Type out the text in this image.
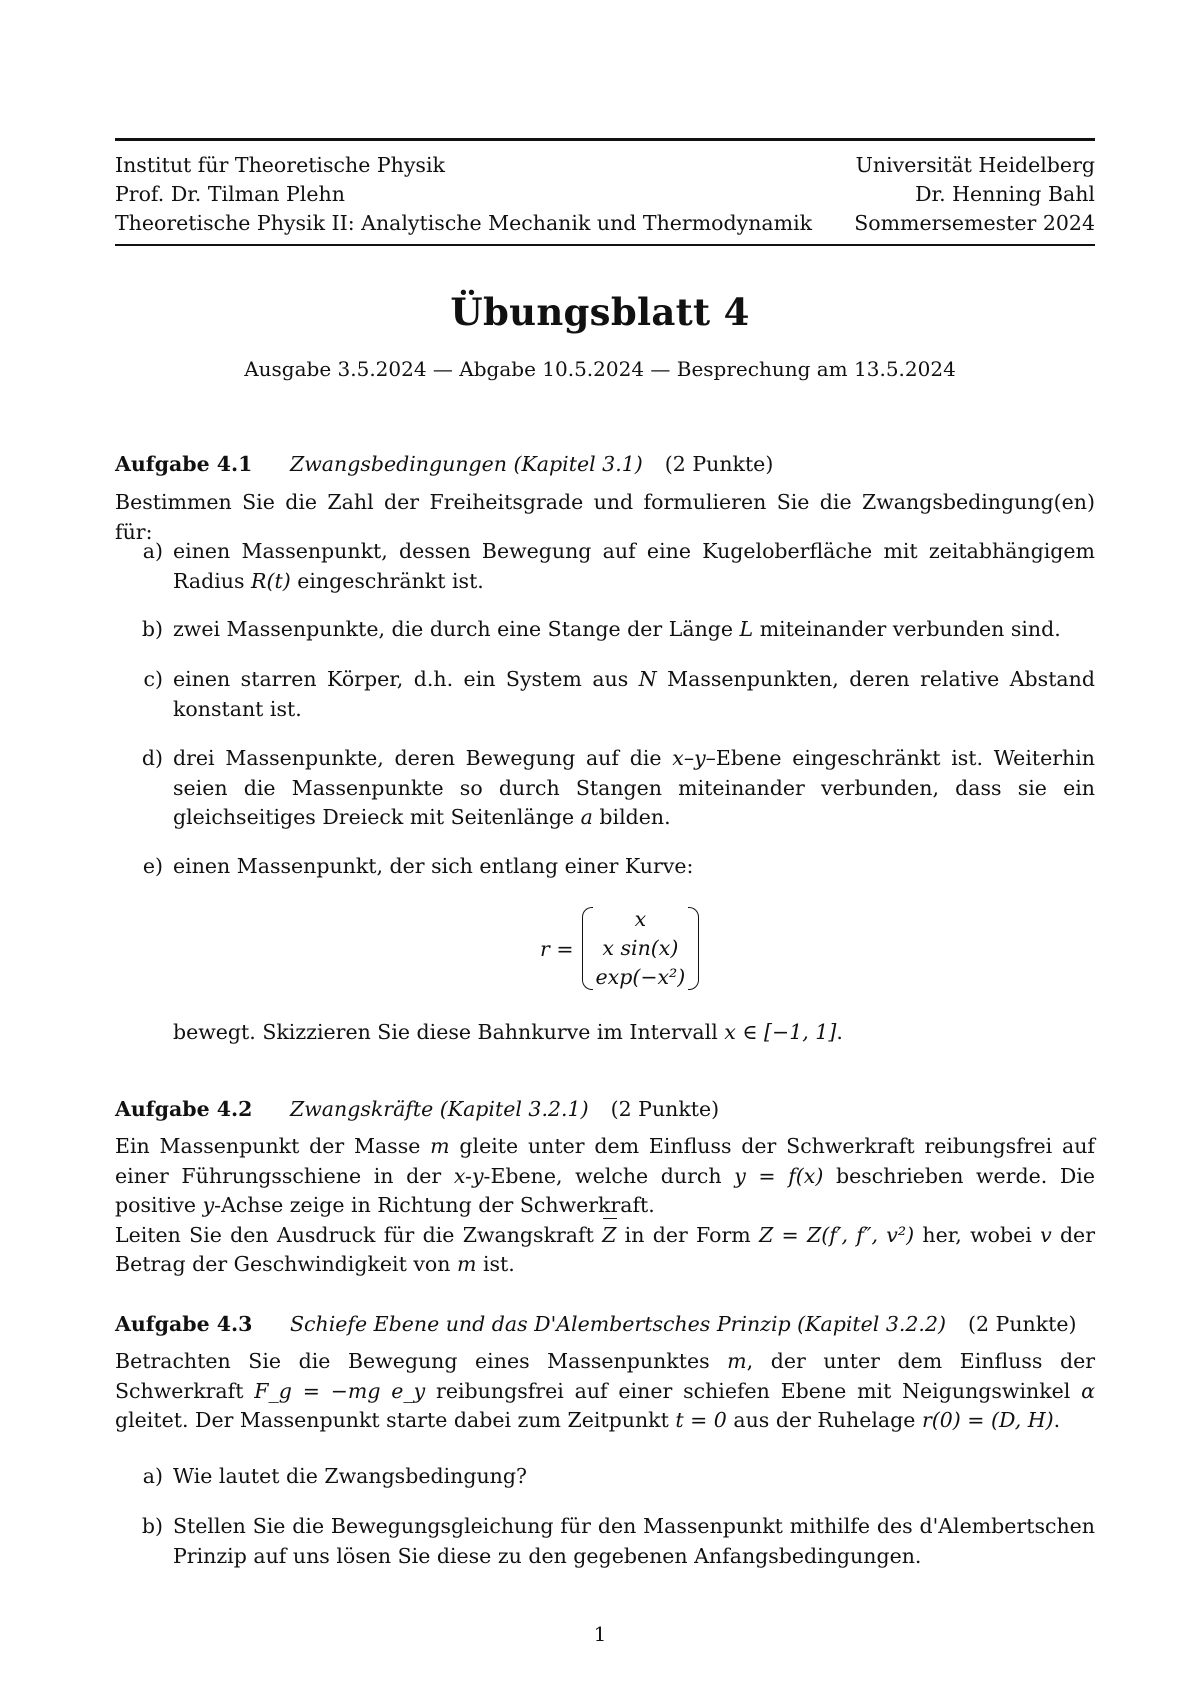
Institut für Theoretische Physik	Universität Heidelberg
Prof. Dr. Tilman Plehn	Dr. Henning Bahl
Theoretische Physik II: Analytische Mechanik und Thermodynamik Sommersemester 2024
Übungsblatt 4
Ausgabe 3.5.2024 — Abgabe 10.5.2024 — Besprechung am 13.5.2024
Aufgabe 4.1	Zwangsbedingungen (Kapitel 3.1) (2 Punkte)
Bestimmen Sie die Zahl der Freiheitsgrade und formulieren Sie die Zwangsbedingung(en) für:
a) einen Massenpunkt, dessen Bewegung auf eine Kugeloberfläche mit zeitabhängigem Radius R(t) eingeschränkt ist.
b) zwei Massenpunkte, die durch eine Stange der Länge L miteinander verbunden sind.
c) einen starren Körper, d.h. ein System aus N Massenpunkten, deren relative Abstand konstant ist.
d) drei Massenpunkte, deren Bewegung auf die x–y–Ebene eingeschränkt ist. Weiterhin seien die Massenpunkte so durch Stangen miteinander verbunden, dass sie ein gleichseitiges Dreieck mit Seitenlänge a bilden.
e) einen Massenpunkt, der sich entlang einer Kurve:
r =
x
x sin(x)
exp(−x²)
bewegt. Skizzieren Sie diese Bahnkurve im Intervall x ∈ [−1, 1].
Aufgabe 4.2	Zwangskräfte (Kapitel 3.2.1) (2 Punkte)
Ein Massenpunkt der Masse m gleite unter dem Einfluss der Schwerkraft reibungsfrei auf einer Führungsschiene in der x-y-Ebene, welche durch y = f(x) beschrieben werde. Die positive y-Achse zeige in Richtung der Schwerkraft.
Leiten Sie den Ausdruck für die Zwangskraft Z in der Form Z = Z(f′, f″, v²) her, wobei v der Betrag der Geschwindigkeit von m ist.
Aufgabe 4.3	Schiefe Ebene und das D'Alembertsches Prinzip (Kapitel 3.2.2) (2 Punkte)
Betrachten Sie die Bewegung eines Massenpunktes m, der unter dem Einfluss der Schwerkraft F_g = −mg e_y reibungsfrei auf einer schiefen Ebene mit Neigungswinkel α gleitet. Der Massenpunkt starte dabei zum Zeitpunkt t = 0 aus der Ruhelage r(0) = (D, H).
a) Wie lautet die Zwangsbedingung?
b) Stellen Sie die Bewegungsgleichung für den Massenpunkt mithilfe des d'Alembertschen Prinzip auf uns lösen Sie diese zu den gegebenen Anfangsbedingungen.
1
